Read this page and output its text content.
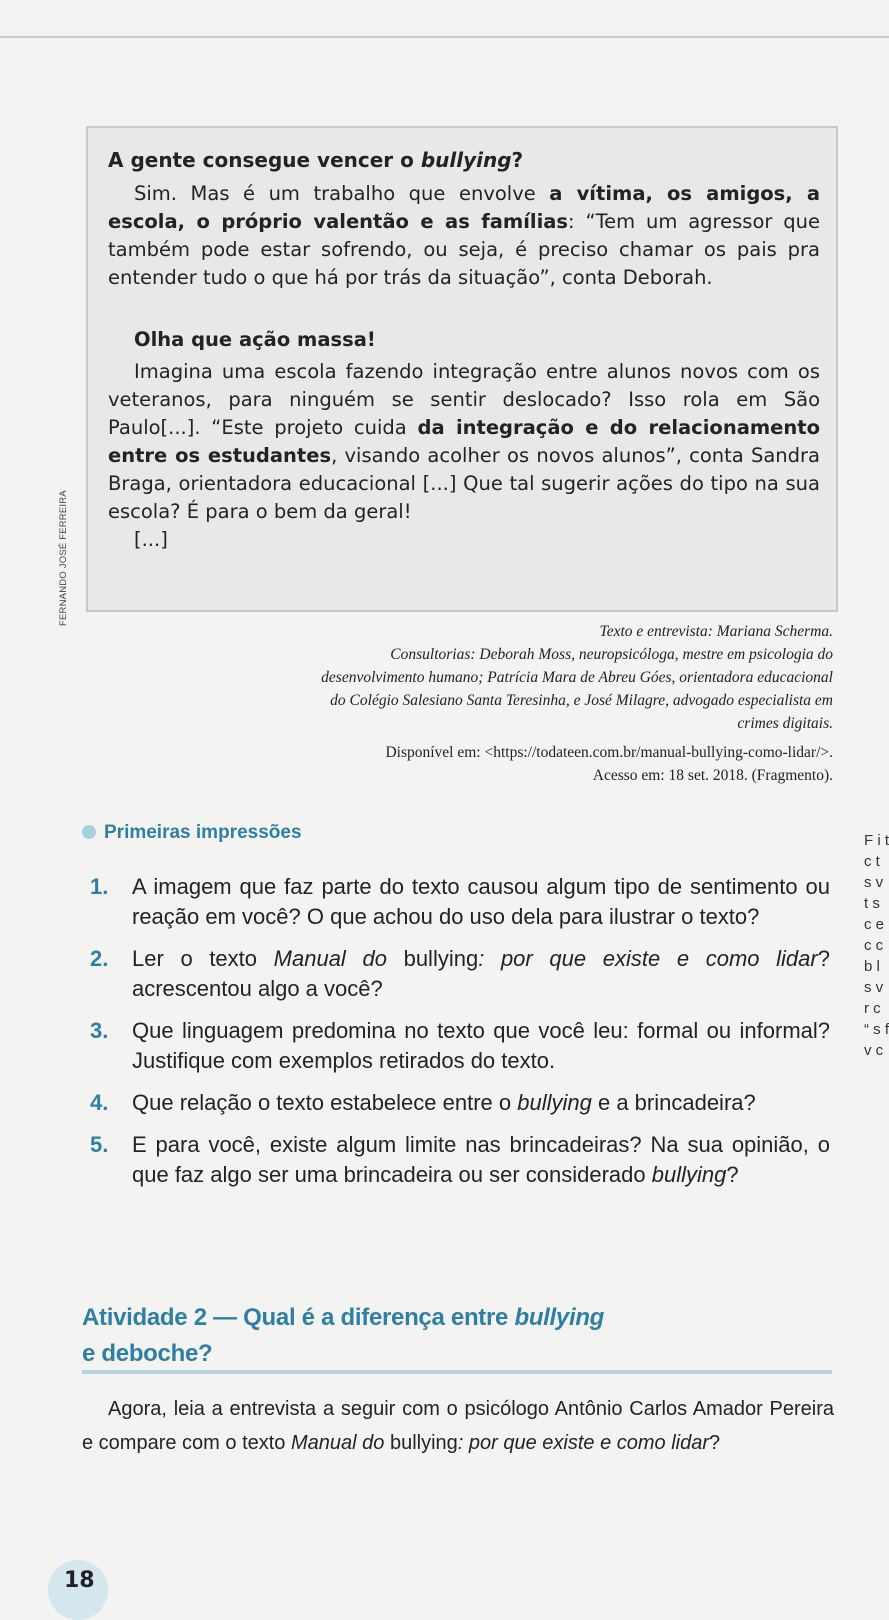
FERNANDO JOSÉ FERREIRA

A gente consegue vencer o bullying?

Sim. Mas é um trabalho que envolve a vítima, os amigos, a escola, o próprio valentão e as famílias: “Tem um agressor que também pode estar sofrendo, ou seja, é preciso chamar os pais pra entender tudo o que há por trás da situação”, conta Deborah.

Olha que ação massa!

Imagina uma escola fazendo integração entre alunos novos com os veteranos, para ninguém se sentir deslocado? Isso rola em São Paulo[...]. “Este projeto cuida da integração e do relacionamento entre os estudantes, visando acolher os novos alunos”, conta Sandra Braga, orientadora educacional [...] Que tal sugerir ações do tipo na sua escola? É para o bem da geral!

[...]

Texto e entrevista: Mariana Scherma.
Consultorias: Deborah Moss, neuropsicóloga, mestre em psicologia do desenvolvimento humano; Patrícia Mara de Abreu Góes, orientadora educacional do Colégio Salesiano Santa Teresinha, e José Milagre, advogado especialista em crimes digitais.
Disponível em: <https://todateen.com.br/manual-bullying-como-lidar/>.
Acesso em: 18 set. 2018. (Fragmento).
Primeiras impressões
1. A imagem que faz parte do texto causou algum tipo de sentimento ou reação em você? O que achou do uso dela para ilustrar o texto?
2. Ler o texto Manual do bullying: por que existe e como lidar? acrescentou algo a você?
3. Que linguagem predomina no texto que você leu: formal ou informal? Justifique com exemplos retirados do texto.
4. Que relação o texto estabelece entre o bullying e a brincadeira?
5. E para você, existe algum limite nas brincadeiras? Na sua opinião, o que faz algo ser uma brincadeira ou ser considerado bullying?
Atividade 2 — Qual é a diferença entre bullying
e deboche?
Agora, leia a entrevista a seguir com o psicólogo Antônio Carlos Amador Pereira e compare com o texto Manual do bullying: por que existe e como lidar?
F i t c t s v t s c e c c b l s v r c “ s f v c
18
